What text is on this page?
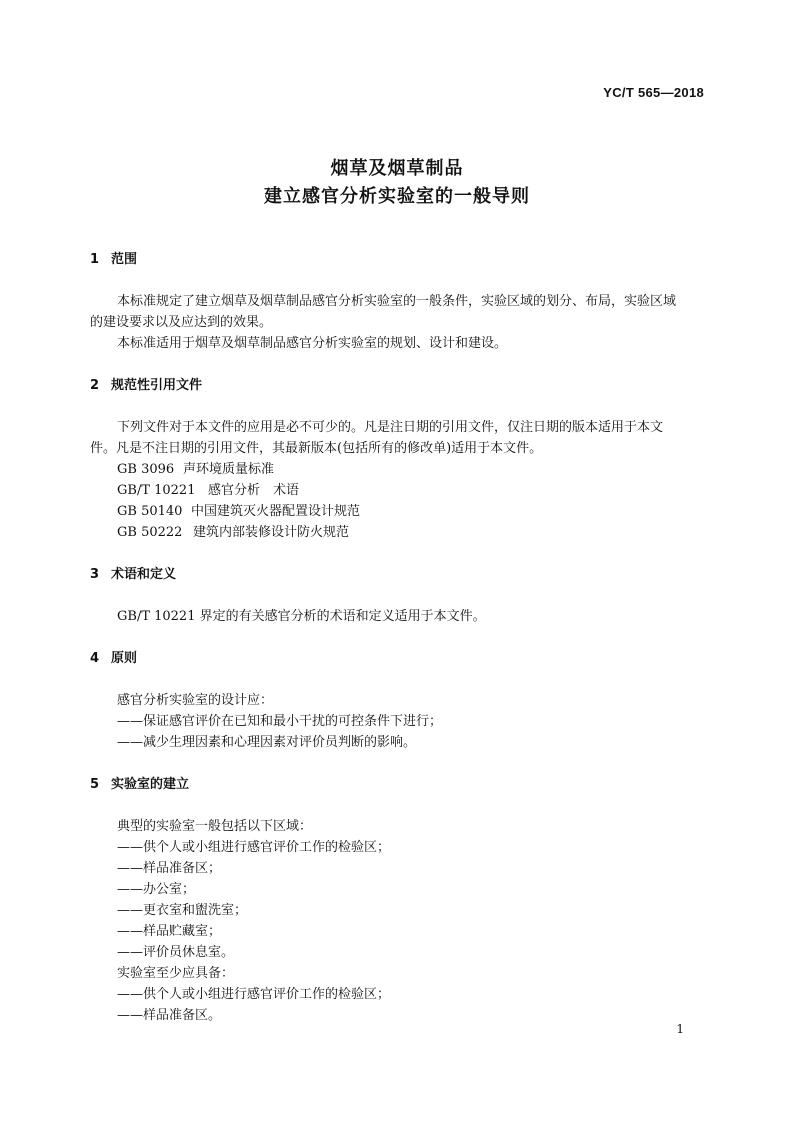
YC/T 565—2018
烟草及烟草制品
建立感官分析实验室的一般导则
1 范围
本标准规定了建立烟草及烟草制品感官分析实验室的一般条件，实验区域的划分、布局，实验区域
的建设要求以及应达到的效果。
本标准适用于烟草及烟草制品感官分析实验室的规划、设计和建设。
2 规范性引用文件
下列文件对于本文件的应用是必不可少的。凡是注日期的引用文件，仅注日期的版本适用于本文
件。凡是不注日期的引用文件，其最新版本(包括所有的修改单)适用于本文件。
GB 3096 声环境质量标准
GB/T 10221 感官分析　术语
GB 50140 中国建筑灭火器配置设计规范
GB 50222 建筑内部装修设计防火规范
3 术语和定义
GB/T 10221 界定的有关感官分析的术语和定义适用于本文件。
4 原则
感官分析实验室的设计应：
——保证感官评价在已知和最小干扰的可控条件下进行；
——减少生理因素和心理因素对评价员判断的影响。
5 实验室的建立
典型的实验室一般包括以下区域：
——供个人或小组进行感官评价工作的检验区；
——样品准备区；
——办公室；
——更衣室和盥洗室；
——样品贮藏室；
——评价员休息室。
实验室至少应具备：
——供个人或小组进行感官评价工作的检验区；
——样品准备区。
1
